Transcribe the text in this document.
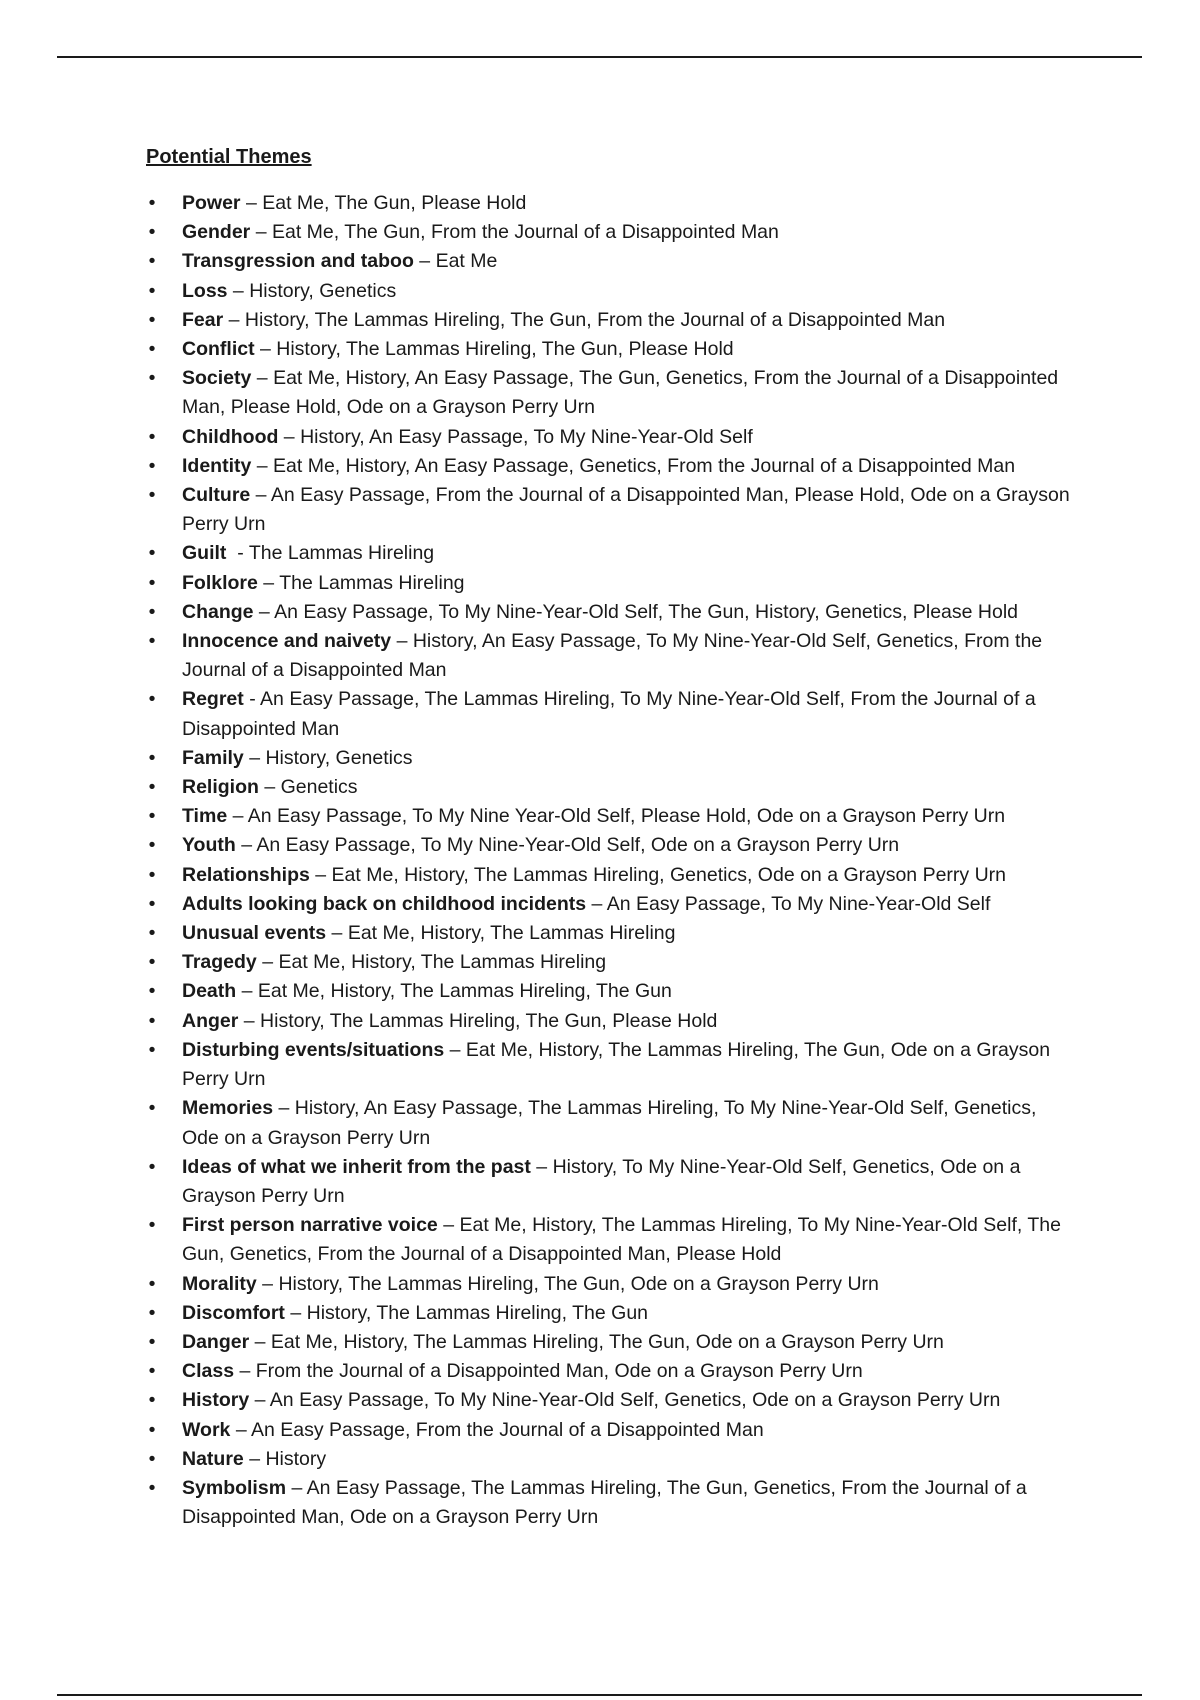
Potential Themes
• Power – Eat Me, The Gun, Please Hold
• Gender – Eat Me, The Gun, From the Journal of a Disappointed Man
• Transgression and taboo – Eat Me
• Loss – History, Genetics
• Fear – History, The Lammas Hireling, The Gun, From the Journal of a Disappointed Man
• Conflict – History, The Lammas Hireling, The Gun, Please Hold
• Society – Eat Me, History, An Easy Passage, The Gun, Genetics, From the Journal of a Disappointed Man, Please Hold, Ode on a Grayson Perry Urn
• Childhood – History, An Easy Passage, To My Nine-Year-Old Self
• Identity – Eat Me, History, An Easy Passage, Genetics, From the Journal of a Disappointed Man
• Culture – An Easy Passage, From the Journal of a Disappointed Man, Please Hold, Ode on a Grayson Perry Urn
• Guilt  - The Lammas Hireling
• Folklore – The Lammas Hireling
• Change – An Easy Passage, To My Nine-Year-Old Self, The Gun, History, Genetics, Please Hold
• Innocence and naivety – History, An Easy Passage, To My Nine-Year-Old Self, Genetics, From the Journal of a Disappointed Man
• Regret - An Easy Passage, The Lammas Hireling, To My Nine-Year-Old Self, From the Journal of a Disappointed Man
• Family – History, Genetics
• Religion – Genetics
• Time – An Easy Passage, To My Nine Year-Old Self, Please Hold, Ode on a Grayson Perry Urn
• Youth – An Easy Passage, To My Nine-Year-Old Self, Ode on a Grayson Perry Urn
• Relationships – Eat Me, History, The Lammas Hireling, Genetics, Ode on a Grayson Perry Urn
• Adults looking back on childhood incidents – An Easy Passage, To My Nine-Year-Old Self
• Unusual events – Eat Me, History, The Lammas Hireling
• Tragedy – Eat Me, History, The Lammas Hireling
• Death – Eat Me, History, The Lammas Hireling, The Gun
• Anger – History, The Lammas Hireling, The Gun, Please Hold
• Disturbing events/situations – Eat Me, History, The Lammas Hireling, The Gun, Ode on a Grayson Perry Urn
• Memories – History, An Easy Passage, The Lammas Hireling, To My Nine-Year-Old Self, Genetics, Ode on a Grayson Perry Urn
• Ideas of what we inherit from the past – History, To My Nine-Year-Old Self, Genetics, Ode on a Grayson Perry Urn
• First person narrative voice – Eat Me, History, The Lammas Hireling, To My Nine-Year-Old Self, The Gun, Genetics, From the Journal of a Disappointed Man, Please Hold
• Morality – History, The Lammas Hireling, The Gun, Ode on a Grayson Perry Urn
• Discomfort – History, The Lammas Hireling, The Gun
• Danger – Eat Me, History, The Lammas Hireling, The Gun, Ode on a Grayson Perry Urn
• Class – From the Journal of a Disappointed Man, Ode on a Grayson Perry Urn
• History – An Easy Passage, To My Nine-Year-Old Self, Genetics, Ode on a Grayson Perry Urn
• Work – An Easy Passage, From the Journal of a Disappointed Man
• Nature – History
• Symbolism – An Easy Passage, The Lammas Hireling, The Gun, Genetics, From the Journal of a Disappointed Man, Ode on a Grayson Perry Urn
